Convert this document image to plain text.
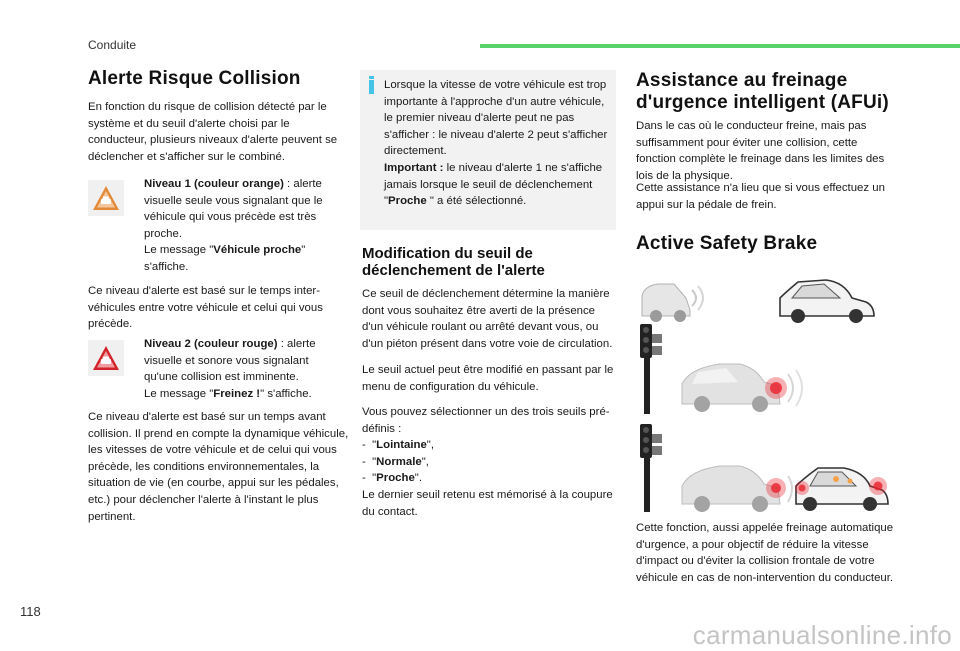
Conduite
Alerte Risque Collision

En fonction du risque de collision détecté par le système et du seuil d'alerte choisi par le conducteur, plusieurs niveaux d'alerte peuvent se déclencher et s'afficher sur le combiné.

Niveau 1 (couleur orange) : alerte visuelle seule vous signalant que le véhicule qui vous précède est très proche.
Le message "Véhicule proche" s'affiche.

Ce niveau d'alerte est basé sur le temps inter-véhicules entre votre véhicule et celui qui vous précède.

Niveau 2 (couleur rouge) : alerte visuelle et sonore vous signalant qu'une collision est imminente.
Le message "Freinez !" s'affiche.

Ce niveau d'alerte est basé sur un temps avant collision. Il prend en compte la dynamique véhicule, les vitesses de votre véhicule et de celui qui vous précède, les conditions environnementales, la situation de vie (en courbe, appui sur les pédales, etc.) pour déclencher l'alerte à l'instant le plus pertinent.

Lorsque la vitesse de votre véhicule est trop importante à l'approche d'un autre véhicule, le premier niveau d'alerte peut ne pas s'afficher : le niveau d'alerte 2 peut s'afficher directement.
Important : le niveau d'alerte 1 ne s'affiche jamais lorsque le seuil de déclenchement "Proche " a été sélectionné.

Modification du seuil de déclenchement de l'alerte

Ce seuil de déclenchement détermine la manière dont vous souhaitez être averti de la présence d'un véhicule roulant ou arrêté devant vous, ou d'un piéton présent dans votre voie de circulation.

Le seuil actuel peut être modifié en passant par le menu de configuration du véhicule.

Vous pouvez sélectionner un des trois seuils pré-définis :

-  "Lointaine",

-  "Normale",

-  "Proche".

Le dernier seuil retenu est mémorisé à la coupure du contact.

Assistance au freinage d'urgence intelligent (AFUi)

Dans le cas où le conducteur freine, mais pas suffisamment pour éviter une collision, cette fonction complète le freinage dans les limites des lois de la physique.

Cette assistance n'a lieu que si vous effectuez un appui sur la pédale de frein.

Active Safety Brake

Cette fonction, aussi appelée freinage automatique d'urgence, a pour objectif de réduire la vitesse d'impact ou d'éviter la collision frontale de votre véhicule en cas de non-intervention du conducteur.

118
carmanualsonline.info
